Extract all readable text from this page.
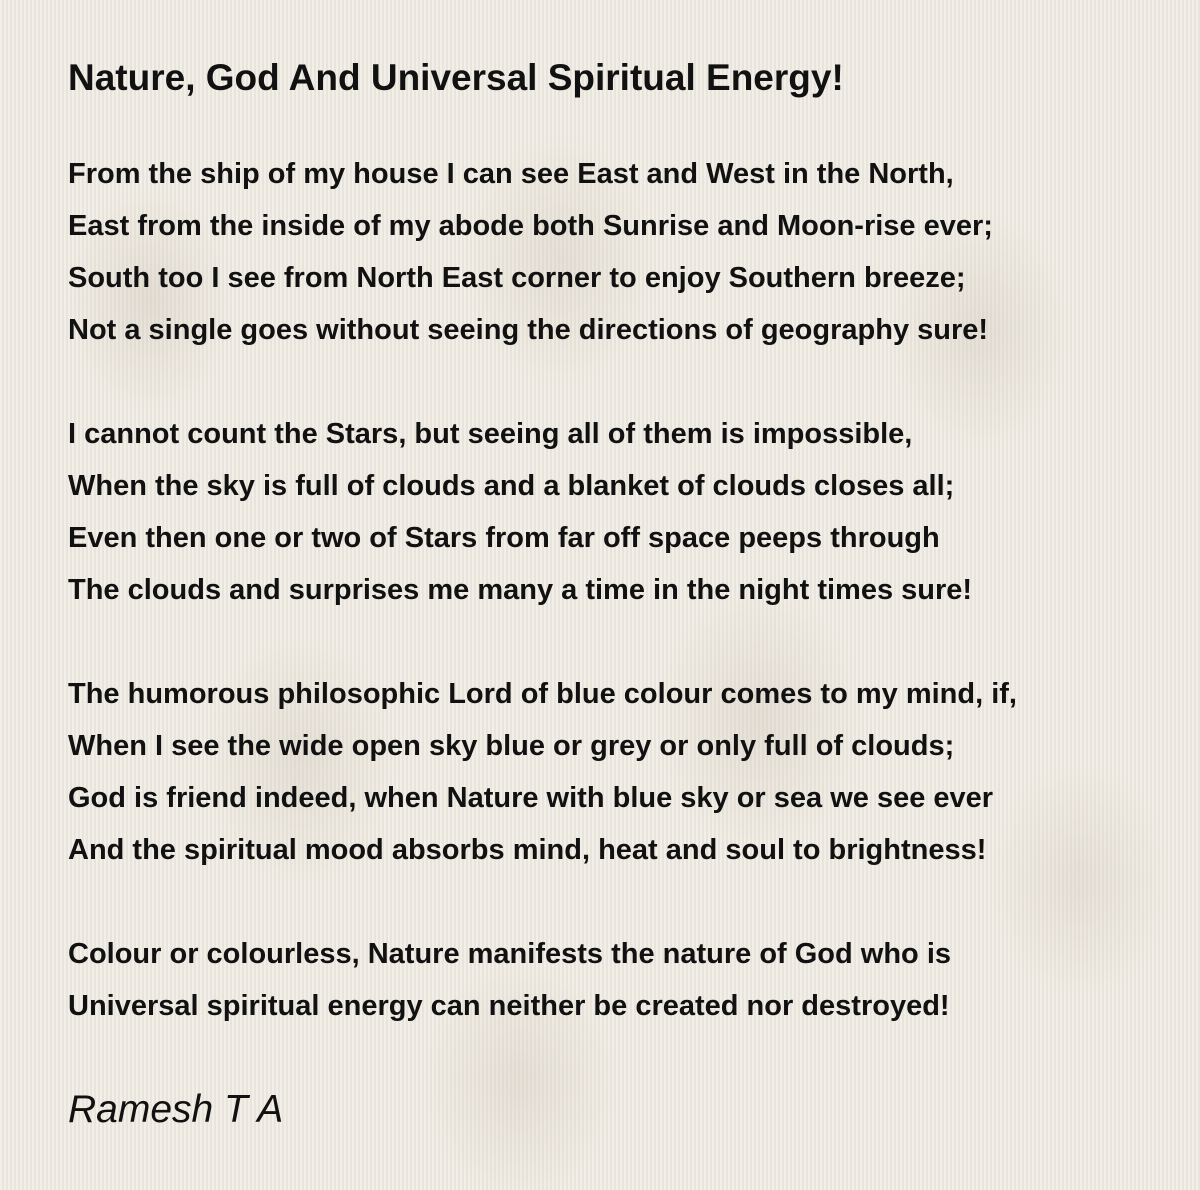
Nature, God And Universal Spiritual Energy!

From the ship of my house I can see East and West in the North,
East from the inside of my abode both Sunrise and Moon-rise ever;
South too I see from North East corner to enjoy Southern breeze;
Not a single goes without seeing the directions of geography sure!

I cannot count the Stars, but seeing all of them is impossible,
When the sky is full of clouds and a blanket of clouds closes all;
Even then one or two of Stars from far off space peeps through
The clouds and surprises me many a time in the night times sure!

The humorous philosophic Lord of blue colour comes to my mind, if,
When I see the wide open sky blue or grey or only full of clouds;
God is friend indeed, when Nature with blue sky or sea we see ever
And the spiritual mood absorbs mind, heat and soul to brightness!

Colour or colourless, Nature manifests the nature of God who is
Universal spiritual energy can neither be created nor destroyed!

Ramesh T A
